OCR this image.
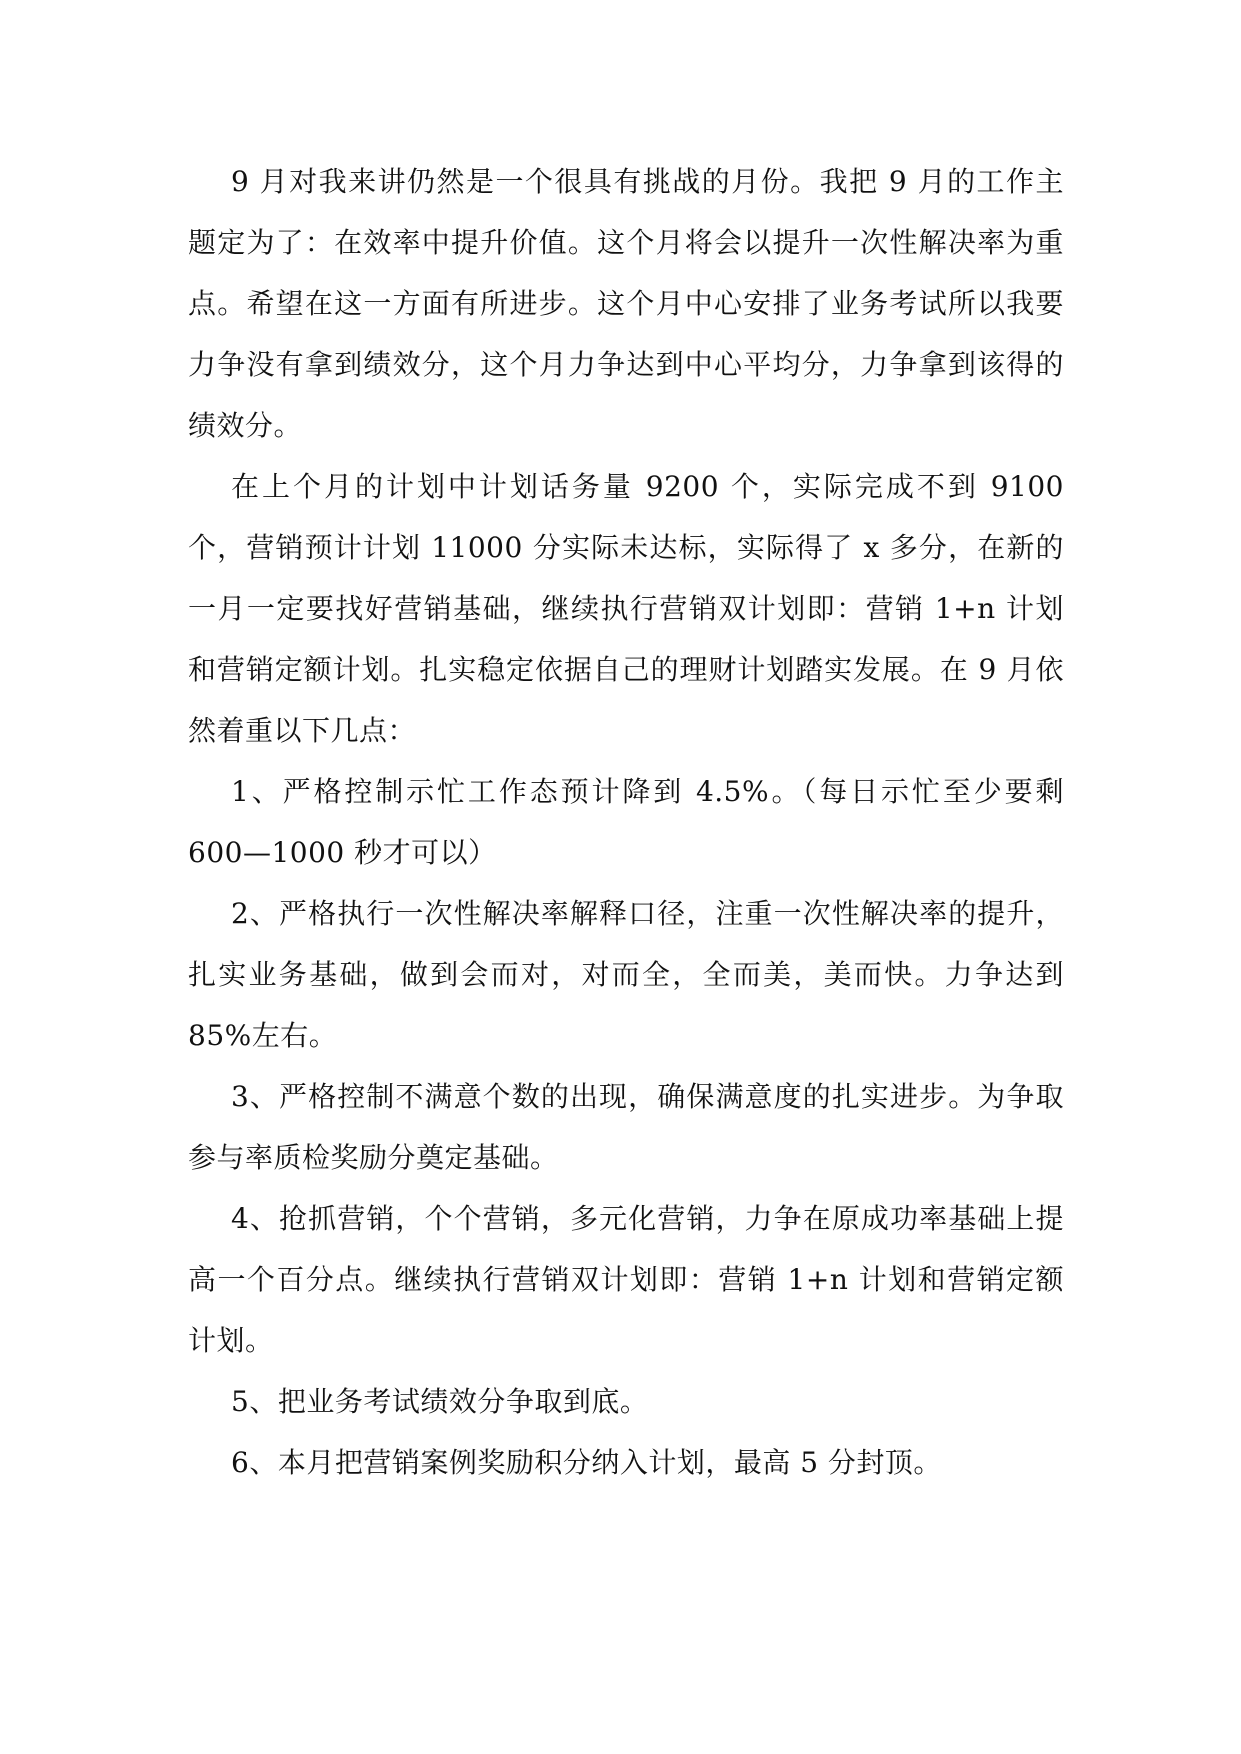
9 月对我来讲仍然是一个很具有挑战的月份。我把 9 月的工作主题定为了：在效率中提升价值。这个月将会以提升一次性解决率为重点。希望在这一方面有所进步。这个月中心安排了业务考试所以我要力争没有拿到绩效分，这个月力争达到中心平均分，力争拿到该得的绩效分。

在上个月的计划中计划话务量 9200 个，实际完成不到 9100 个，营销预计计划 11000 分实际未达标，实际得了 x 多分，在新的一月一定要找好营销基础，继续执行营销双计划即：营销 1+n 计划和营销定额计划。扎实稳定依据自己的理财计划踏实发展。在 9 月依然着重以下几点：

1、严格控制示忙工作态预计降到 4.5%。（每日示忙至少要剩 600—1000 秒才可以）

2、严格执行一次性解决率解释口径，注重一次性解决率的提升，扎实业务基础，做到会而对，对而全，全而美，美而快。力争达到 85%左右。

3、严格控制不满意个数的出现，确保满意度的扎实进步。为争取参与率质检奖励分奠定基础。

4、抢抓营销，个个营销，多元化营销，力争在原成功率基础上提高一个百分点。继续执行营销双计划即：营销 1+n 计划和营销定额计划。

5、把业务考试绩效分争取到底。

6、本月把营销案例奖励积分纳入计划，最高 5 分封顶。
